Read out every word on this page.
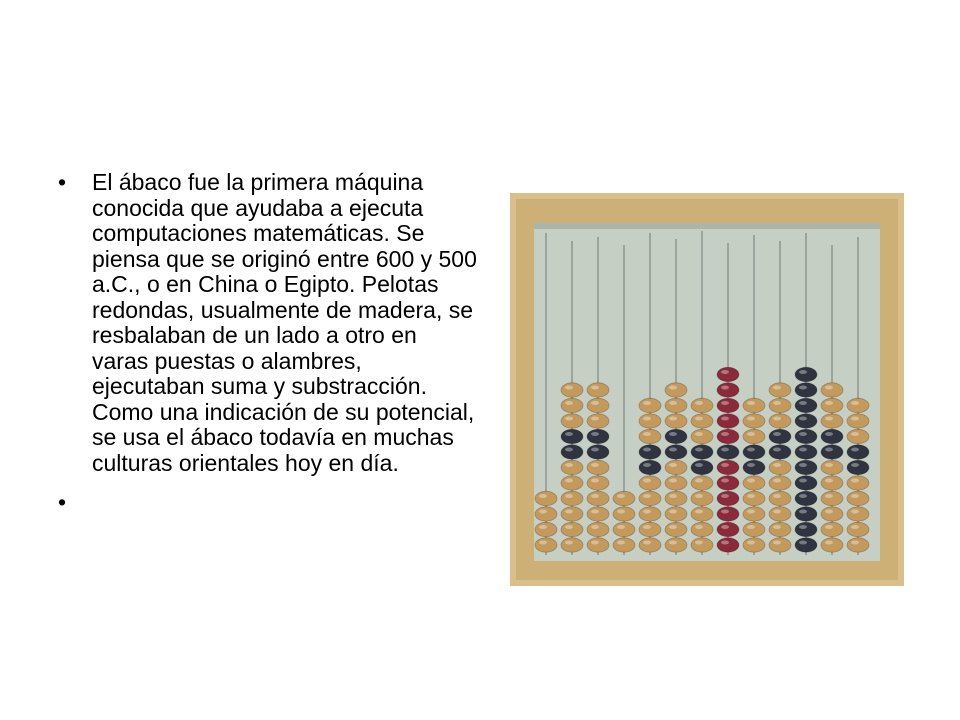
• El ábaco fue la primera máquina conocida que ayudaba a ejecuta computaciones matemáticas. Se piensa que se originó entre 600 y 500 a.C., o en China o Egipto. Pelotas redondas, usualmente de madera, se resbalaban de un lado a otro en varas puestas o alambres, ejecutaban suma y substracción. Como una indicación de su potencial, se usa el ábaco todavía en muchas culturas orientales hoy en día.
•
